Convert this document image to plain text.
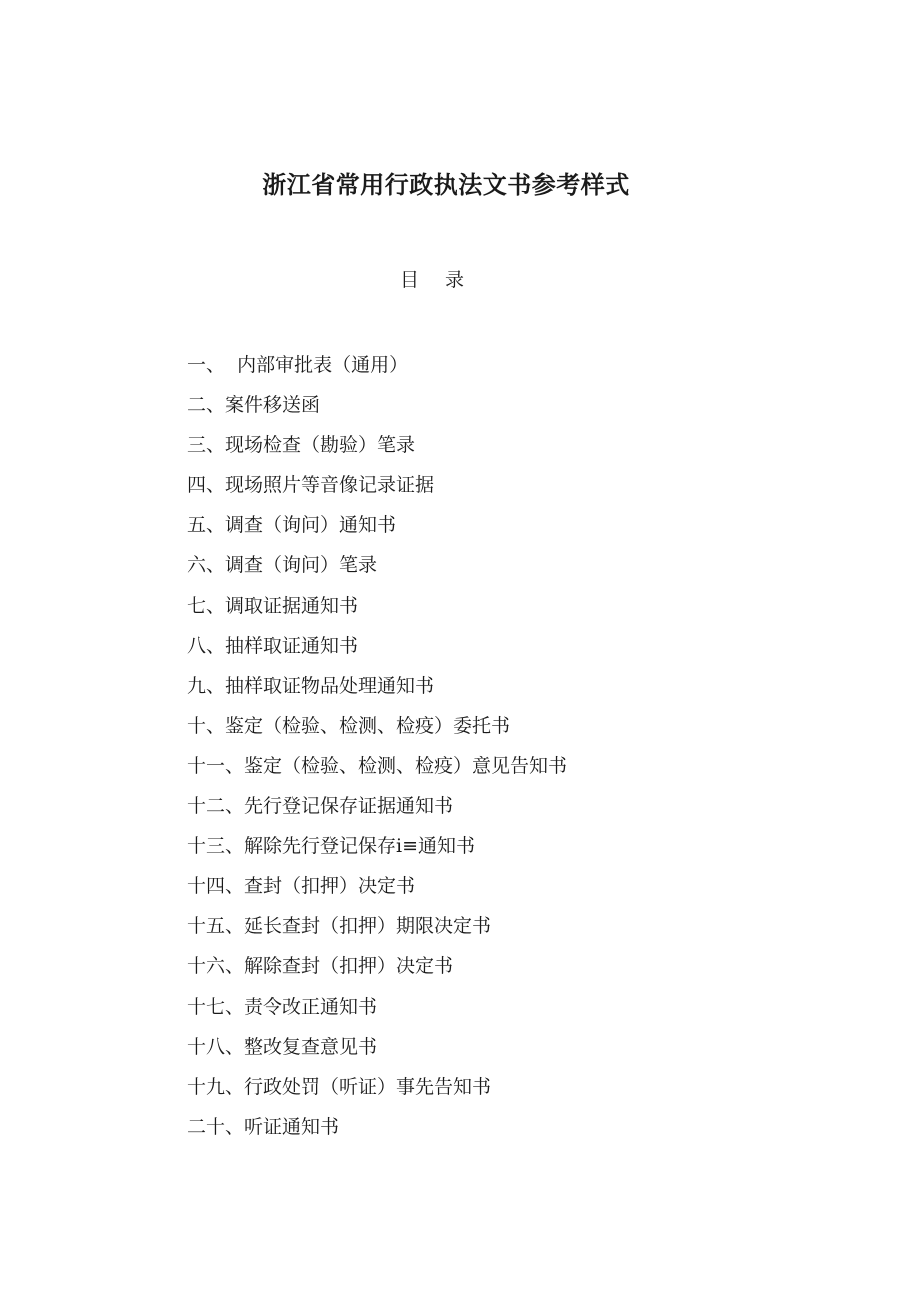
浙江省常用行政执法文书参考样式
目 录
一、  内部审批表（通用）
二、案件移送函
三、现场检查（勘验）笔录
四、现场照片等音像记录证据
五、调查（询问）通知书
六、调查（询问）笔录
七、调取证据通知书
八、抽样取证通知书
九、抽样取证物品处理通知书
十、鉴定（检验、检测、检疫）委托书
十一、鉴定（检验、检测、检疫）意见告知书
十二、先行登记保存证据通知书
十三、解除先行登记保存i≡通知书
十四、查封（扣押）决定书
十五、延长查封（扣押）期限决定书
十六、解除查封（扣押）决定书
十七、责令改正通知书
十八、整改复查意见书
十九、行政处罚（听证）事先告知书
二十、听证通知书
